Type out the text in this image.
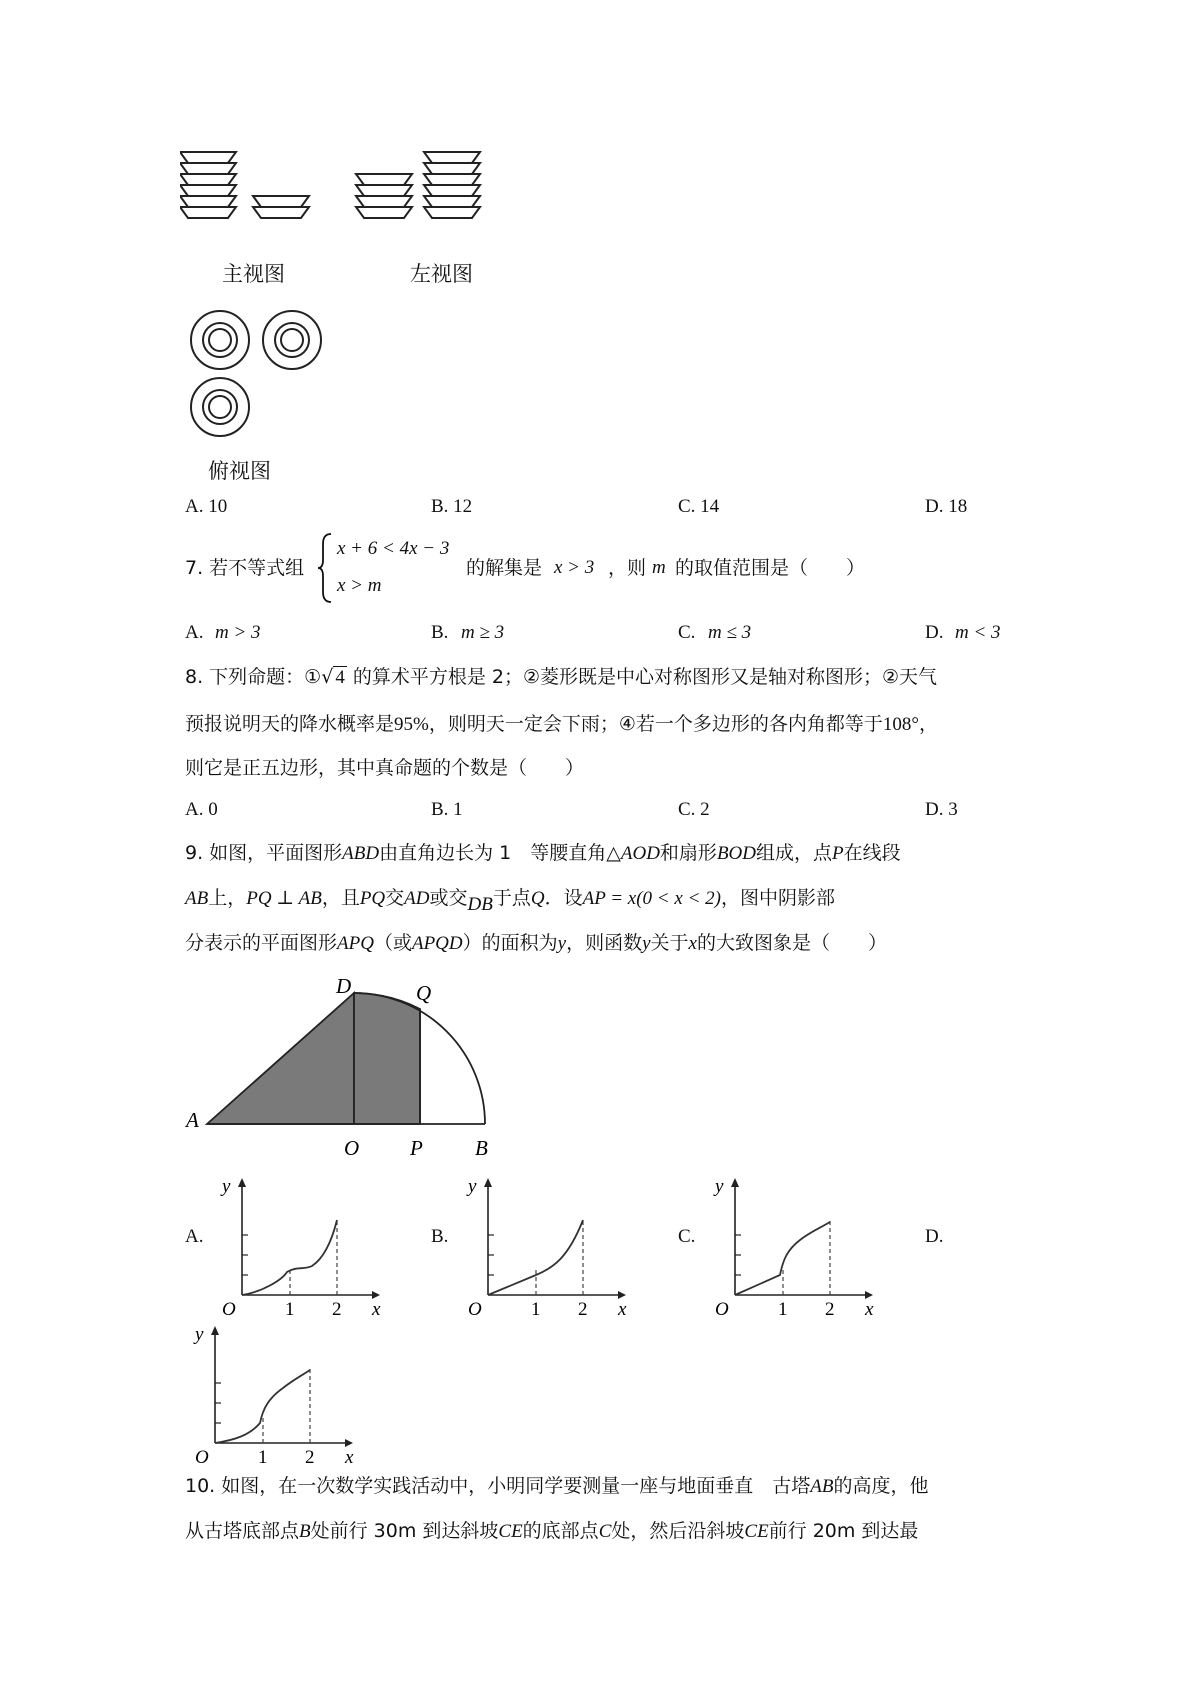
主视图	左视图
俯视图
A. 10	B. 12	C. 14	D. 18
7. 若不等式组
x + 6 < 4x − 3
x > m
的解集是 x > 3 ，则 m 的取值范围是（　　）
A. m > 3	B. m ≥ 3	C. m ≤ 3	D. m < 3
8. 下列命题：①√ 4 的算术平方根是 2；②菱形既是中心对称图形又是轴对称图形；②天气
预报说明天的降水概率是95%，则明天一定会下雨；④若一个多边形的各内角都等于108°，
则它是正五边形，其中真命题的个数是（　　）
A. 0	B. 1	C. 2	D. 3
9. 如图，平面图形ABD由直角边长为 1　等腰直角△AOD和扇形BOD组成，点P在线段
AB上，PQ ⊥ AB，且PQ交AD或交DB于点Q．设AP = x(0 < x < 2)，图中阴影部
分表示的平面图形APQ（或APQD）的面积为y，则函数y关于x的大致图象是（　　）
D	Q
A
O P B
A.	B.	C.	D.
y
x
O	1 2
y
x
O	1 2
y
x
O	1 2
y
x
O	1 2
10. 如图，在一次数学实践活动中，小明同学要测量一座与地面垂直　古塔AB的高度，他
从古塔底部点B处前行 30m 到达斜坡CE的底部点C处，然后沿斜坡CE前行 20m 到达最
